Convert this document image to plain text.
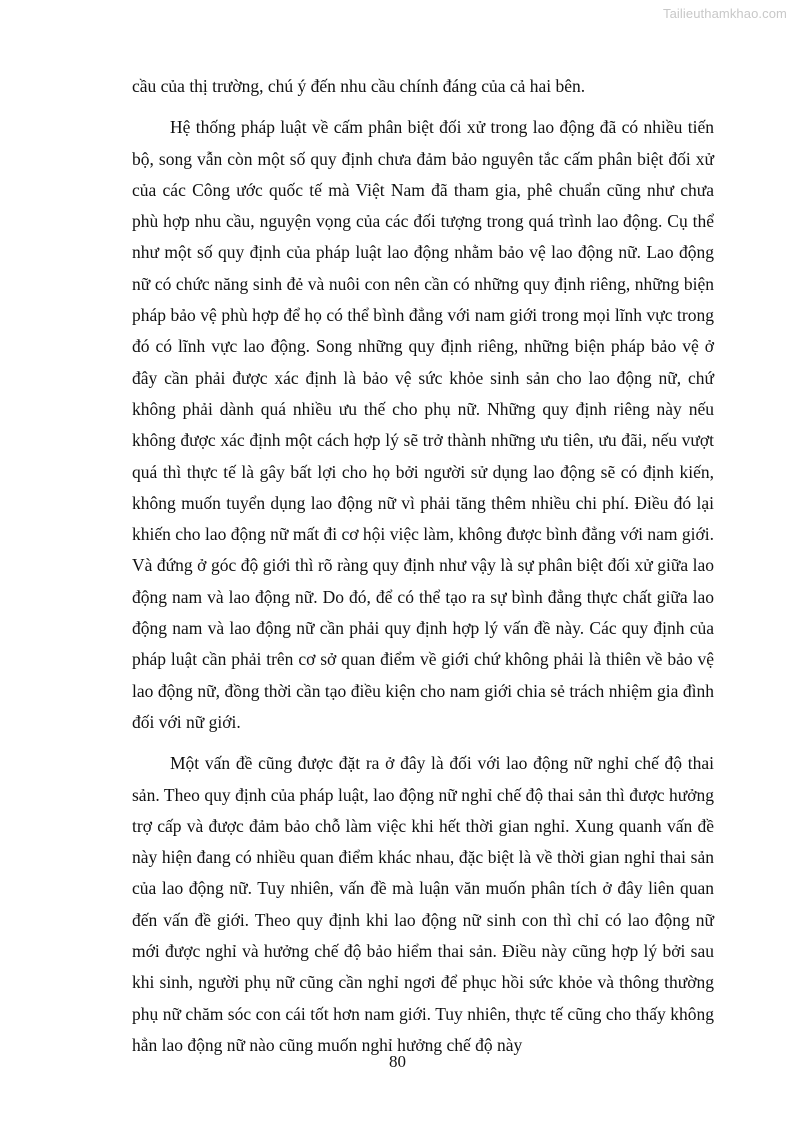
Tailieuthamkhao.com

cầu của thị trường, chú ý đến nhu cầu chính đáng của cả hai bên.

Hệ thống pháp luật về cấm phân biệt đối xử trong lao động đã có nhiều tiến bộ, song vẫn còn một số quy định chưa đảm bảo nguyên tắc cấm phân biệt đối xử của các Công ước quốc tế mà Việt Nam đã tham gia, phê chuẩn cũng như chưa phù hợp nhu cầu, nguyện vọng của các đối tượng trong quá trình lao động. Cụ thể như một số quy định của pháp luật lao động nhằm bảo vệ lao động nữ. Lao động nữ có chức năng sinh đẻ và nuôi con nên cần có những quy định riêng, những biện pháp bảo vệ phù hợp để họ có thể bình đẳng với nam giới trong mọi lĩnh vực trong đó có lĩnh vực lao động. Song những quy định riêng, những biện pháp bảo vệ ở đây cần phải được xác định là bảo vệ sức khỏe sinh sản cho lao động nữ, chứ không phải dành quá nhiều ưu thế cho phụ nữ. Những quy định riêng này nếu không được xác định một cách hợp lý sẽ trở thành những ưu tiên, ưu đãi, nếu vượt quá thì thực tế là gây bất lợi cho họ bởi người sử dụng lao động sẽ có định kiến, không muốn tuyển dụng lao động nữ vì phải tăng thêm nhiều chi phí. Điều đó lại khiến cho lao động nữ mất đi cơ hội việc làm, không được bình đẳng với nam giới. Và đứng ở góc độ giới thì rõ ràng quy định như vậy là sự phân biệt đối xử giữa lao động nam và lao động nữ. Do đó, để có thể tạo ra sự bình đẳng thực chất giữa lao động nam và lao động nữ cần phải quy định hợp lý vấn đề này. Các quy định của pháp luật cần phải trên cơ sở quan điểm về giới chứ không phải là thiên về bảo vệ lao động nữ, đồng thời cần tạo điều kiện cho nam giới chia sẻ trách nhiệm gia đình đối với nữ giới.

Một vấn đề cũng được đặt ra ở đây là đối với lao động nữ nghỉ chế độ thai sản. Theo quy định của pháp luật, lao động nữ nghỉ chế độ thai sản thì được hưởng trợ cấp và được đảm bảo chỗ làm việc khi hết thời gian nghỉ. Xung quanh vấn đề này hiện đang có nhiều quan điểm khác nhau, đặc biệt là về thời gian nghỉ thai sản của lao động nữ. Tuy nhiên, vấn đề mà luận văn muốn phân tích ở đây liên quan đến vấn đề giới. Theo quy định khi lao động nữ sinh con thì chỉ có lao động nữ mới được nghỉ và hưởng chế độ bảo hiểm thai sản. Điều này cũng hợp lý bởi sau khi sinh, người phụ nữ cũng cần nghỉ ngơi để phục hồi sức khỏe và thông thường phụ nữ chăm sóc con cái tốt hơn nam giới. Tuy nhiên, thực tế cũng cho thấy không hẳn lao động nữ nào cũng muốn nghỉ hưởng chế độ này

80
